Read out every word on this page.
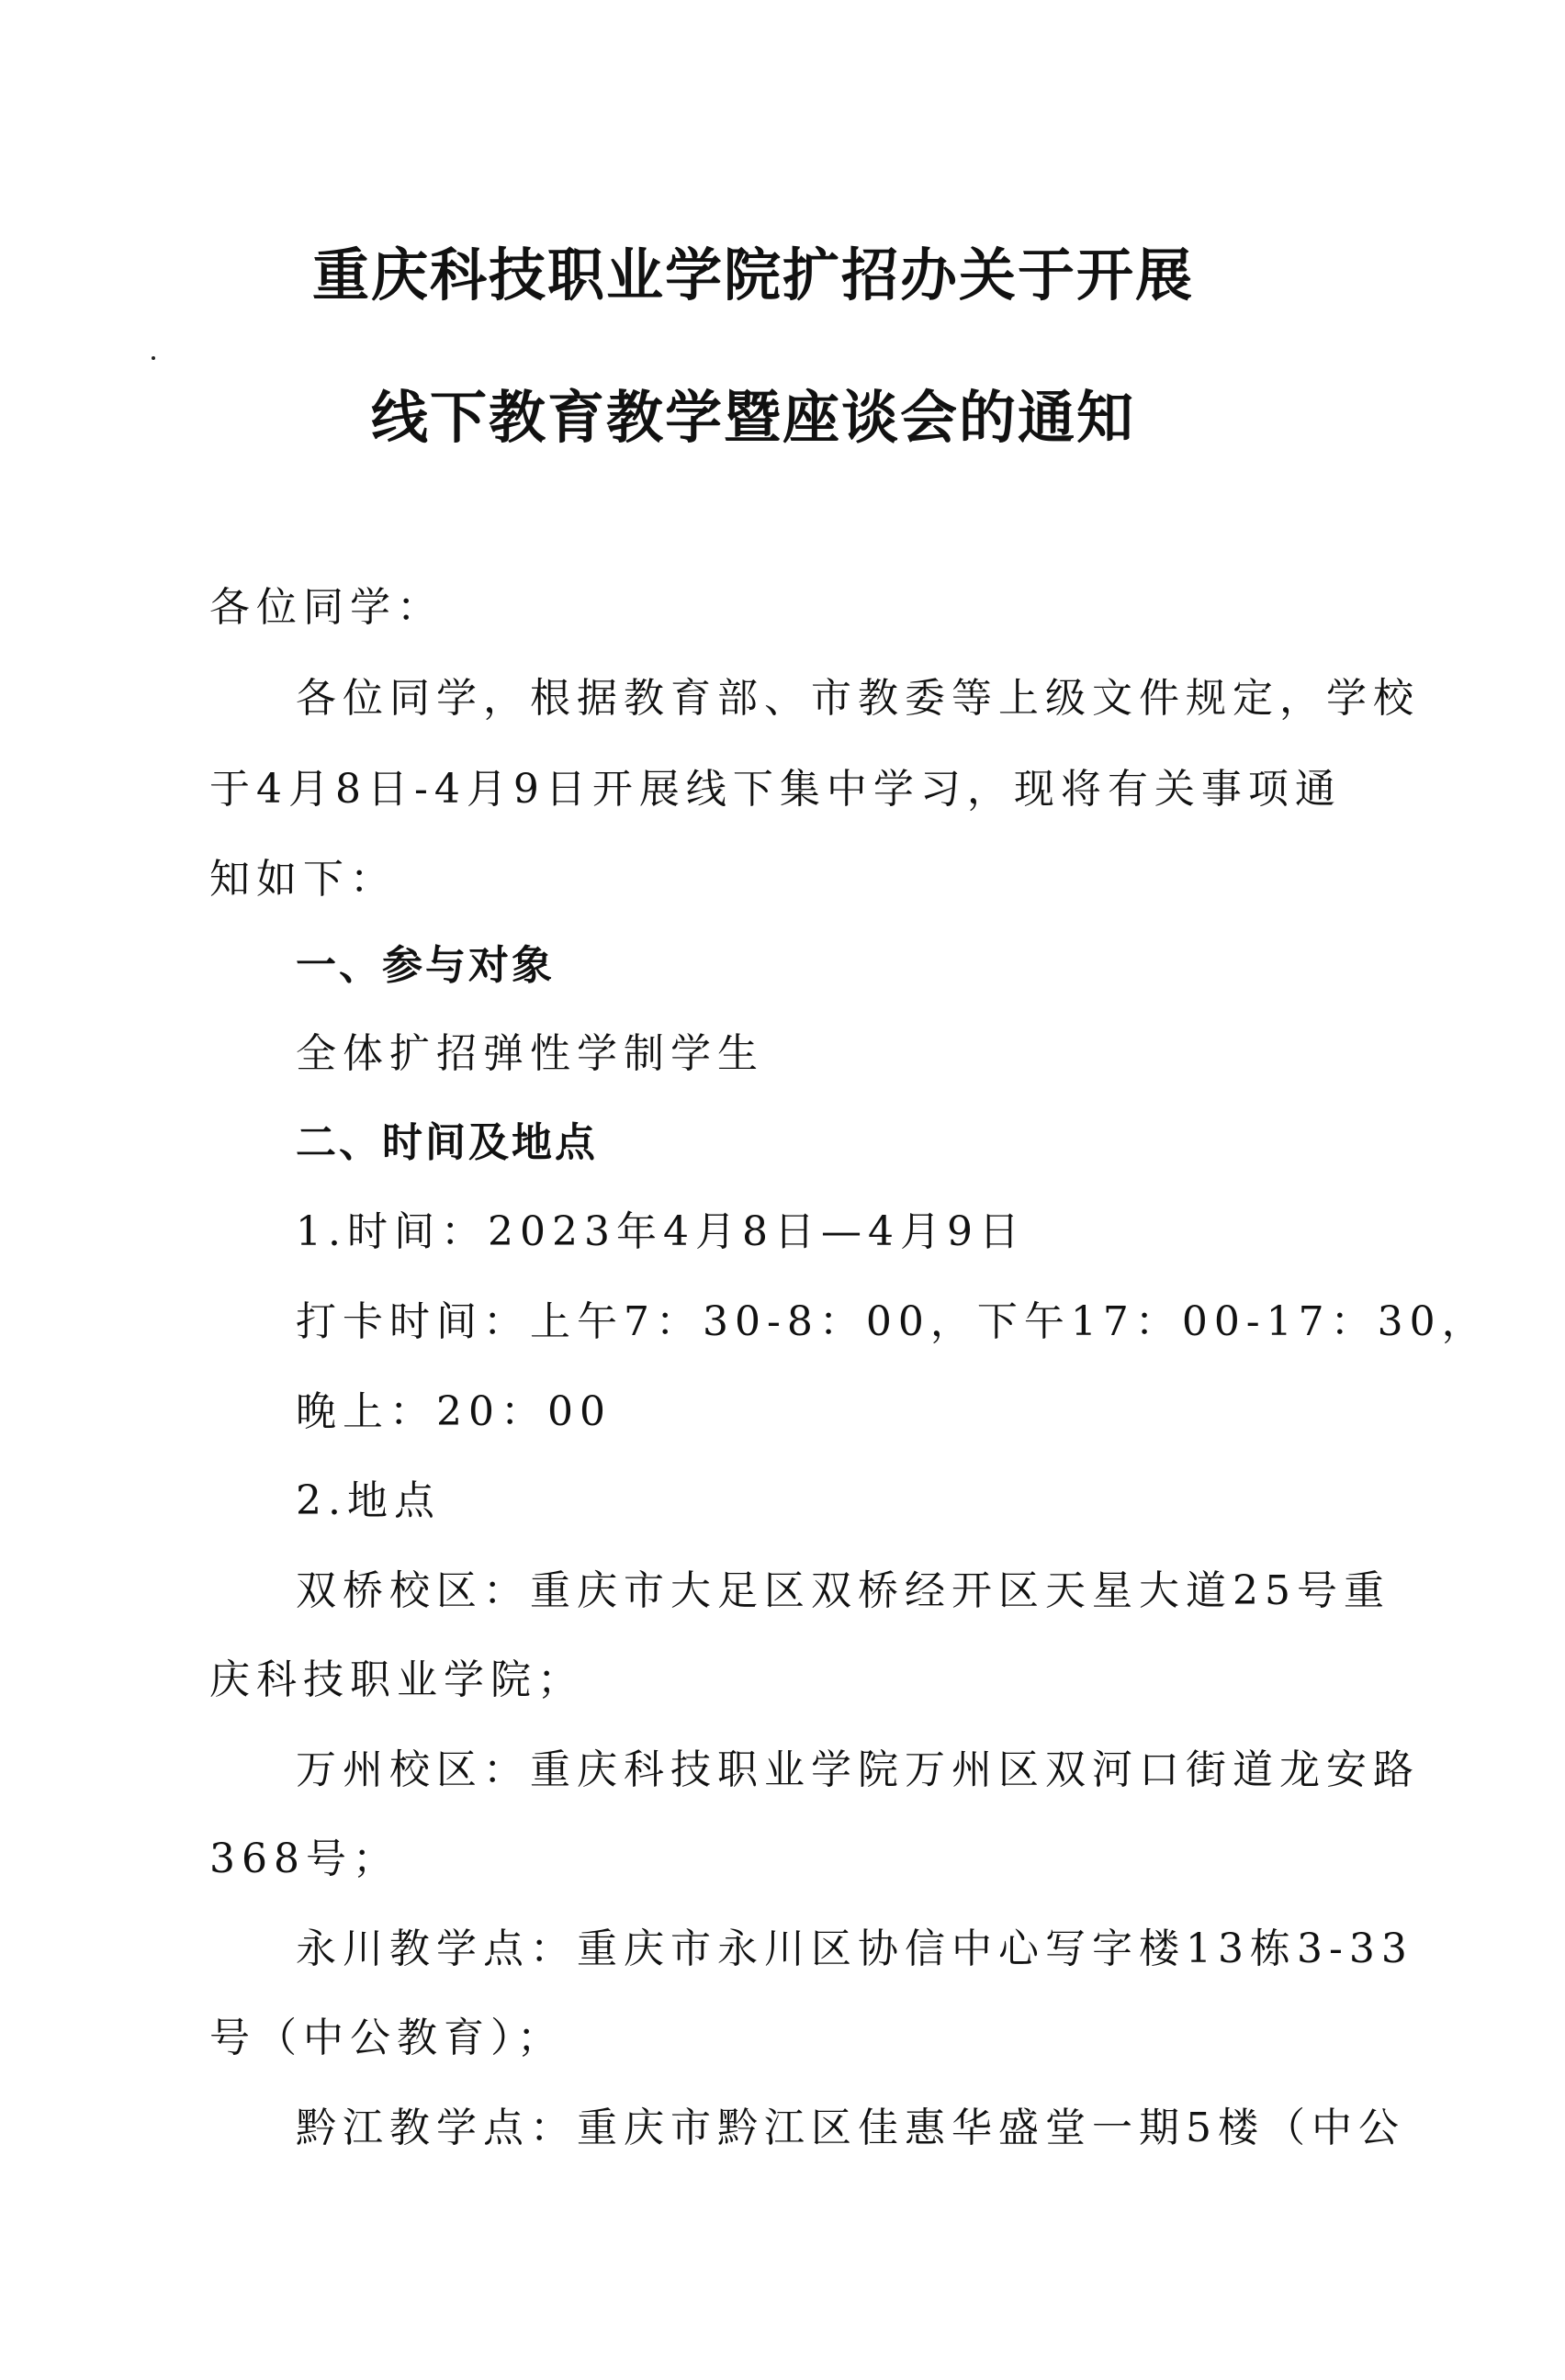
重庆科技职业学院扩招办关于开展
线下教育教学暨座谈会的通知
各位同学：
各位同学，根据教育部、市教委等上级文件规定，学校
于4月8日-4月9日开展线下集中学习，现将有关事项通
知如下：
一、参与对象
全体扩招弹性学制学生
二、时间及地点
1.时间：2023年4月8日—4月9日
打卡时间：上午7：30-8：00，下午17：00-17：30，
晚上：20：00
2.地点
双桥校区：重庆市大足区双桥经开区天星大道25号重
庆科技职业学院；
万州校区：重庆科技职业学院万州区双河口街道龙安路
368号；
永川教学点：重庆市永川区协信中心写字楼13栋3-33
号（中公教育）；
黔江教学点：重庆市黔江区佳惠华盛堂一期5楼（中公
